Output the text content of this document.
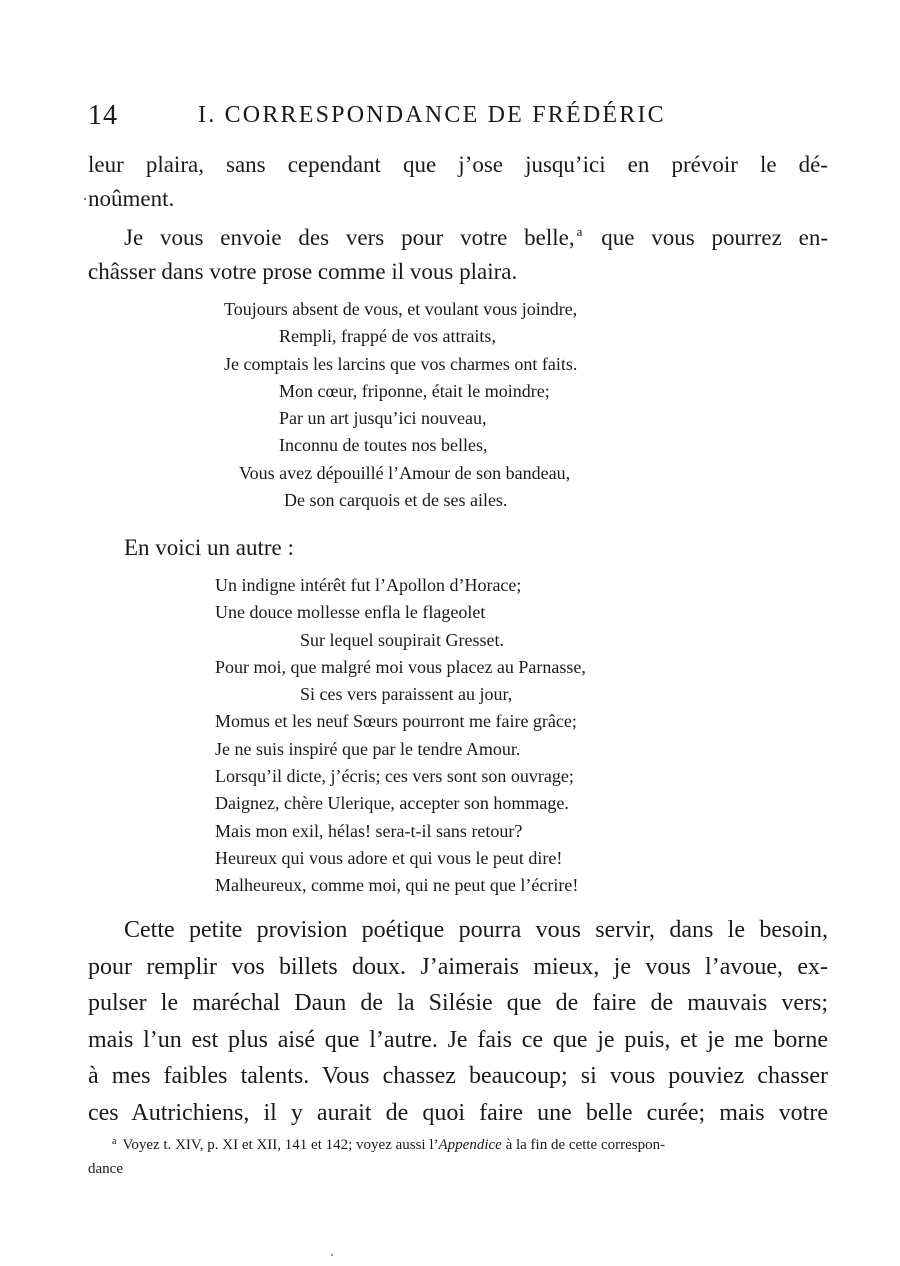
14	I. CORRESPONDANCE DE FRÉDÉRIC
leur plaira, sans cependant que j’ose jusqu’ici en prévoir le dé-
noûment.
Je vous envoie des vers pour votre belle, $^a$ que vous pourrez en-
châsser dans votre prose comme il vous plaira.
Toujours absent de vous, et voulant vous joindre,
Rempli, frappé de vos attraits,
Je comptais les larcins que vos charmes ont faits.
Mon cœur, friponne, était le moindre;
Par un art jusqu’ici nouveau,
Inconnu de toutes nos belles,
Vous avez dépouillé l’Amour de son bandeau,
De son carquois et de ses ailes.
En voici un autre :
Un indigne intérêt fut l’Apollon d’Horace;
Une douce mollesse enfla le flageolet
Sur lequel soupirait Gresset.
Pour moi, que malgré moi vous placez au Parnasse,
Si ces vers paraissent au jour,
Momus et les neuf Sœurs pourront me faire grâce;
Je ne suis inspiré que par le tendre Amour.
Lorsqu’il dicte, j’écris; ces vers sont son ouvrage;
Daignez, chère Ulerique, accepter son hommage.
Mais mon exil, hélas! sera-t-il sans retour?
Heureux qui vous adore et qui vous le peut dire!
Malheureux, comme moi, qui ne peut que l’écrire!
Cette petite provision poétique pourra vous servir, dans le besoin,
pour remplir vos billets doux. J’aimerais mieux, je vous l’avoue, ex-
pulser le maréchal Daun de la Silésie que de faire de mauvais vers;
mais l’un est plus aisé que l’autre. Je fais ce que je puis, et je me borne
à mes faibles talents. Vous chassez beaucoup; si vous pouviez chasser
ces Autrichiens, il y aurait de quoi faire une belle curée; mais votre
$^a$ Voyez t. XIV, p. XI et XII, 141 et 142; voyez aussi l’Appendice à la fin de cette correspon-
dance
